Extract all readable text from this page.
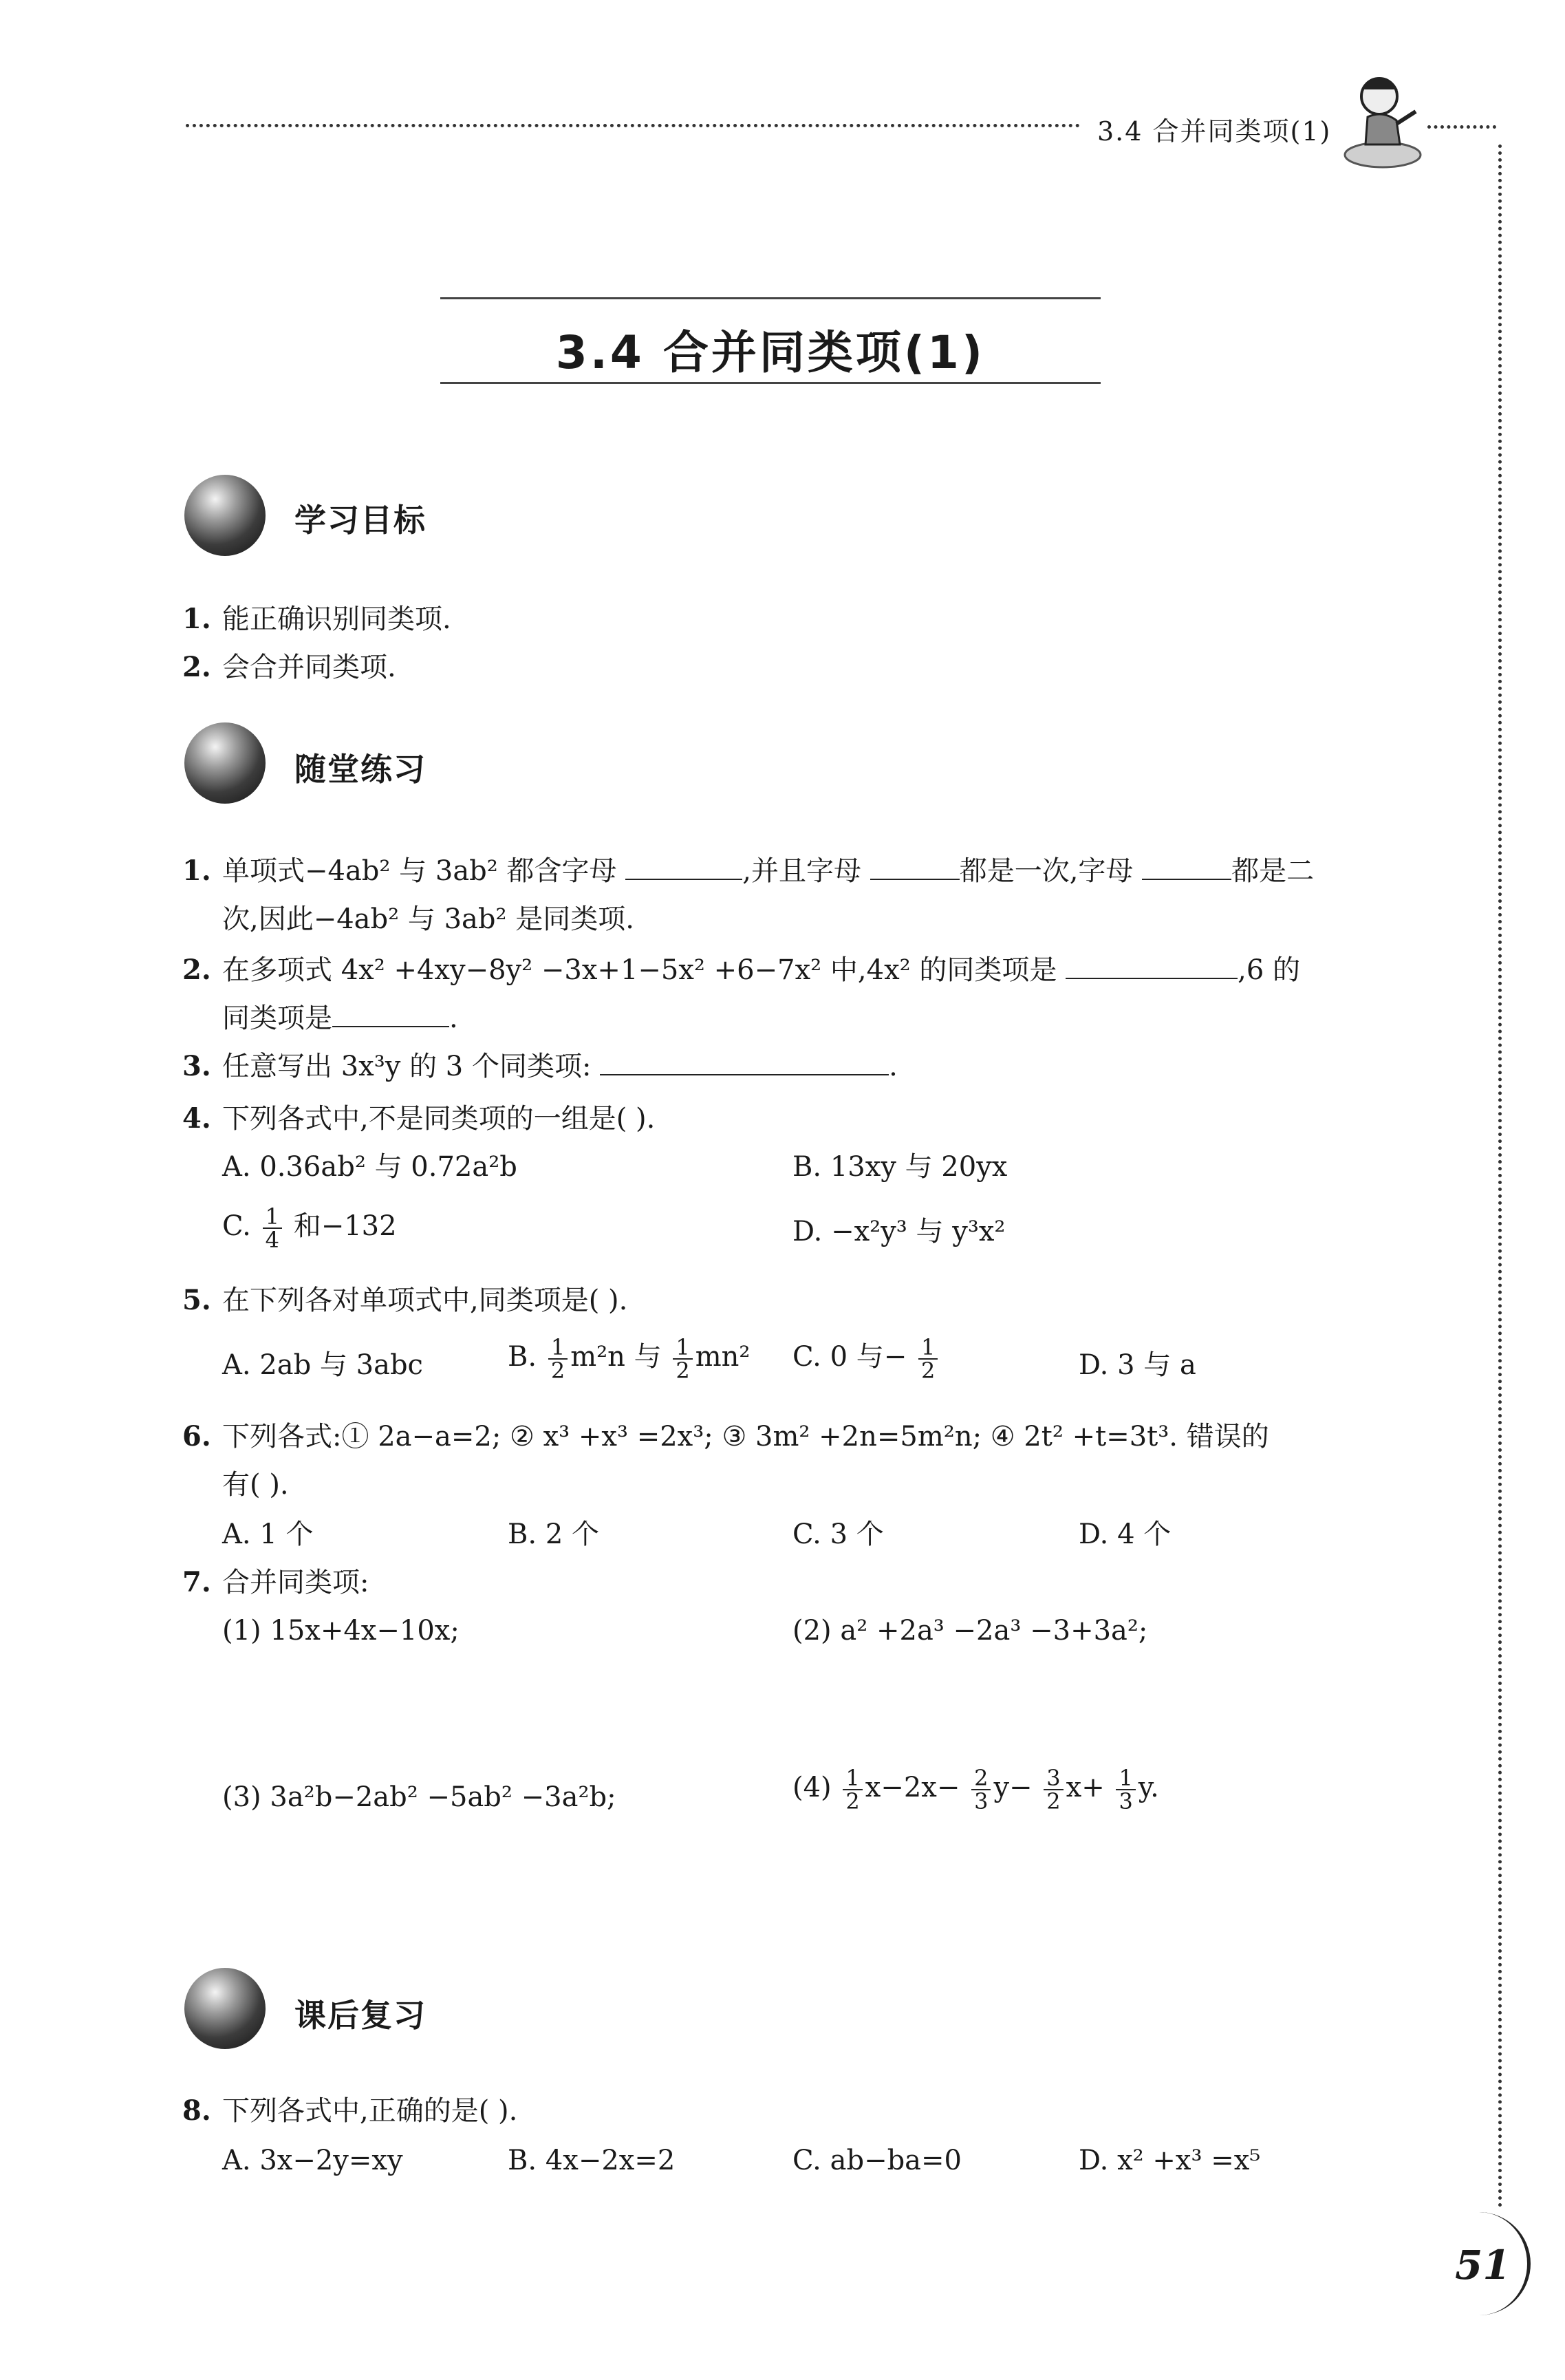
3.4 合并同类项(1)
3.4 合并同类项(1)
学习目标
1. 能正确识别同类项.
2. 会合并同类项.
随堂练习
1. 单项式−4ab² 与 3ab² 都含字母	,并且字母	都是一次,字母	都是二
次,因此−4ab² 与 3ab² 是同类项.
2. 在多项式 4x² +4xy−8y² −3x+1−5x² +6−7x² 中,4x² 的同类项是	,6 的
同类项是	.
3. 任意写出 3x³y 的 3 个同类项:	.
4. 下列各式中,不是同类项的一组是( ).
A. 0.36ab² 与 0.72a²b	B. 13xy 与 20yx
C. $\frac{1}{4}$ 和−132	D. −x²y³ 与 y³x²
5. 在下列各对单项式中,同类项是( ).
A. 2ab 与 3abc	B. $\frac{1}{2} m^2n$ 与 $\frac{1}{2} mn^2$ C. 0 与− $\frac{1}{2}$	D. 3 与 a
6. 下列各式:① 2a−a=2; ② x³ +x³ =2x³; ③ 3m² +2n=5m²n; ④ 2t² +t=3t³. 错误的
有( ).
A. 1 个	B. 2 个	C. 3 个	D. 4 个
7. 合并同类项:
(1) 15x+4x−10x;	(2) a² +2a³ −2a³ −3+3a²;
(3) 3a²b−2ab² −5ab² −3a²b;	$(4) \frac{1}{2} x-2x- \frac{2}{3} y- \frac{3}{2} x+ \frac{1}{3} y$.
课后复习
8. 下列各式中,正确的是( ).
A. 3x−2y=xy	B. 4x−2x=2	C. ab−ba=0	D. x² +x³ =x⁵
51
